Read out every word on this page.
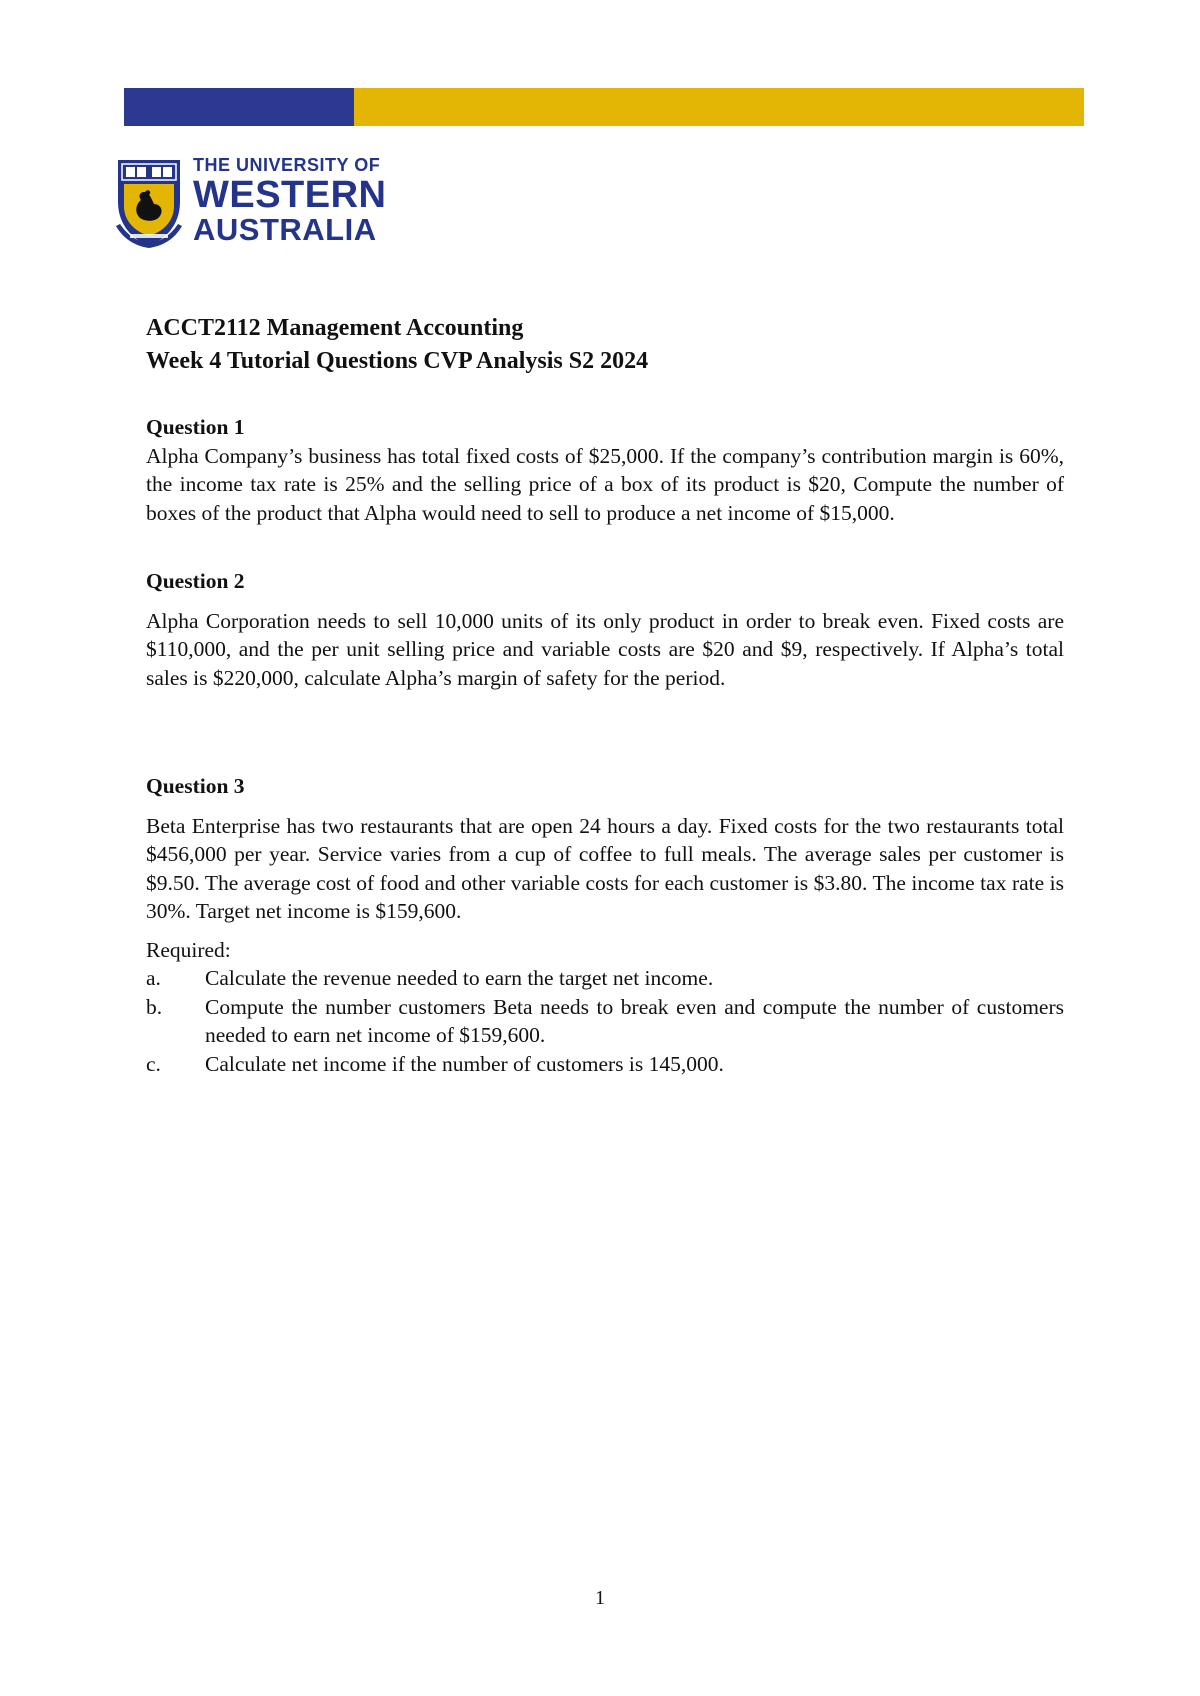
THE UNIVERSITY OF
WESTERN
AUSTRALIA

ACCT2112 Management Accounting

Week 4 Tutorial Questions CVP Analysis S2 2024

Question 1

Alpha Company’s business has total fixed costs of $25,000. If the company’s contribution margin is 60%, the income tax rate is 25% and the selling price of a box of its product is $20, Compute the number of boxes of the product that Alpha would need to sell to produce a net income of $15,000.

Question 2

Alpha Corporation needs to sell 10,000 units of its only product in order to break even. Fixed costs are $110,000, and the per unit selling price and variable costs are $20 and $9, respectively. If Alpha’s total sales is $220,000, calculate Alpha’s margin of safety for the period.

Question 3

Beta Enterprise has two restaurants that are open 24 hours a day. Fixed costs for the two restaurants total $456,000 per year. Service varies from a cup of coffee to full meals. The average sales per customer is $9.50. The average cost of food and other variable costs for each customer is $3.80. The income tax rate is 30%. Target net income is $159,600.

Required:

a.	Calculate the revenue needed to earn the target net income.
b.	Compute the number customers Beta needs to break even and compute the number of customers needed to earn net income of $159,600.
c.	Calculate net income if the number of customers is 145,000.
1
